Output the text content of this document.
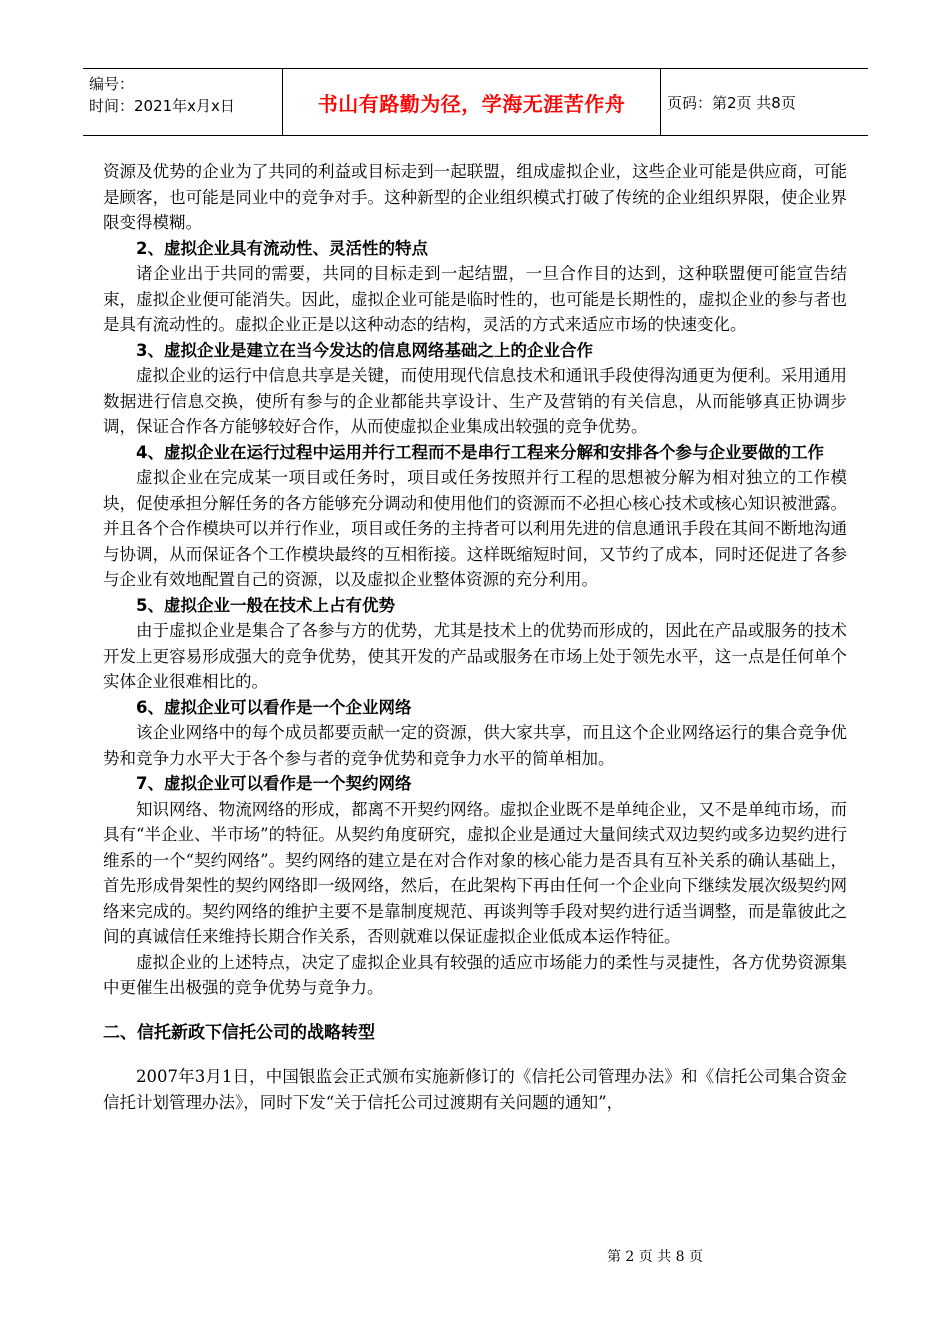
编号：
时间：2021年x月x日	书山有路勤为径，学海无涯苦作舟	页码：第2页 共8页

资源及优势的企业为了共同的利益或目标走到一起联盟，组成虚拟企业，这些企业可能是供应商，可能是顾客，也可能是同业中的竞争对手。这种新型的企业组织模式打破了传统的企业组织界限，使企业界限变得模糊。

2、虚拟企业具有流动性、灵活性的特点

诸企业出于共同的需要，共同的目标走到一起结盟，一旦合作目的达到，这种联盟便可能宣告结束，虚拟企业便可能消失。因此，虚拟企业可能是临时性的，也可能是长期性的，虚拟企业的参与者也是具有流动性的。虚拟企业正是以这种动态的结构，灵活的方式来适应市场的快速变化。

3、虚拟企业是建立在当今发达的信息网络基础之上的企业合作

虚拟企业的运行中信息共享是关键，而使用现代信息技术和通讯手段使得沟通更为便利。采用通用数据进行信息交换，使所有参与的企业都能共享设计、生产及营销的有关信息，从而能够真正协调步调，保证合作各方能够较好合作，从而使虚拟企业集成出较强的竞争优势。

4、虚拟企业在运行过程中运用并行工程而不是串行工程来分解和安排各个参与企业要做的工作

虚拟企业在完成某一项目或任务时，项目或任务按照并行工程的思想被分解为相对独立的工作模块，促使承担分解任务的各方能够充分调动和使用他们的资源而不必担心核心技术或核心知识被泄露。并且各个合作模块可以并行作业，项目或任务的主持者可以利用先进的信息通讯手段在其间不断地沟通与协调，从而保证各个工作模块最终的互相衔接。这样既缩短时间，又节约了成本，同时还促进了各参与企业有效地配置自己的资源，以及虚拟企业整体资源的充分利用。

5、虚拟企业一般在技术上占有优势

由于虚拟企业是集合了各参与方的优势，尤其是技术上的优势而形成的，因此在产品或服务的技术开发上更容易形成强大的竞争优势，使其开发的产品或服务在市场上处于领先水平，这一点是任何单个实体企业很难相比的。

6、虚拟企业可以看作是一个企业网络

该企业网络中的每个成员都要贡献一定的资源，供大家共享，而且这个企业网络运行的集合竞争优势和竞争力水平大于各个参与者的竞争优势和竞争力水平的简单相加。

7、虚拟企业可以看作是一个契约网络

知识网络、物流网络的形成，都离不开契约网络。虚拟企业既不是单纯企业，又不是单纯市场，而具有“半企业、半市场”的特征。从契约角度研究，虚拟企业是通过大量间续式双边契约或多边契约进行维系的一个“契约网络”。契约网络的建立是在对合作对象的核心能力是否具有互补关系的确认基础上，首先形成骨架性的契约网络即一级网络，然后，在此架构下再由任何一个企业向下继续发展次级契约网络来完成的。契约网络的维护主要不是靠制度规范、再谈判等手段对契约进行适当调整，而是靠彼此之间的真诚信任来维持长期合作关系，否则就难以保证虚拟企业低成本运作特征。

虚拟企业的上述特点，决定了虚拟企业具有较强的适应市场能力的柔性与灵捷性，各方优势资源集中更催生出极强的竞争优势与竞争力。

二、信托新政下信托公司的战略转型

2007年3月1日，中国银监会正式颁布实施新修订的《信托公司管理办法》和《信托公司集合资金信托计划管理办法》，同时下发“关于信托公司过渡期有关问题的通知”，

第 2 页 共 8 页
